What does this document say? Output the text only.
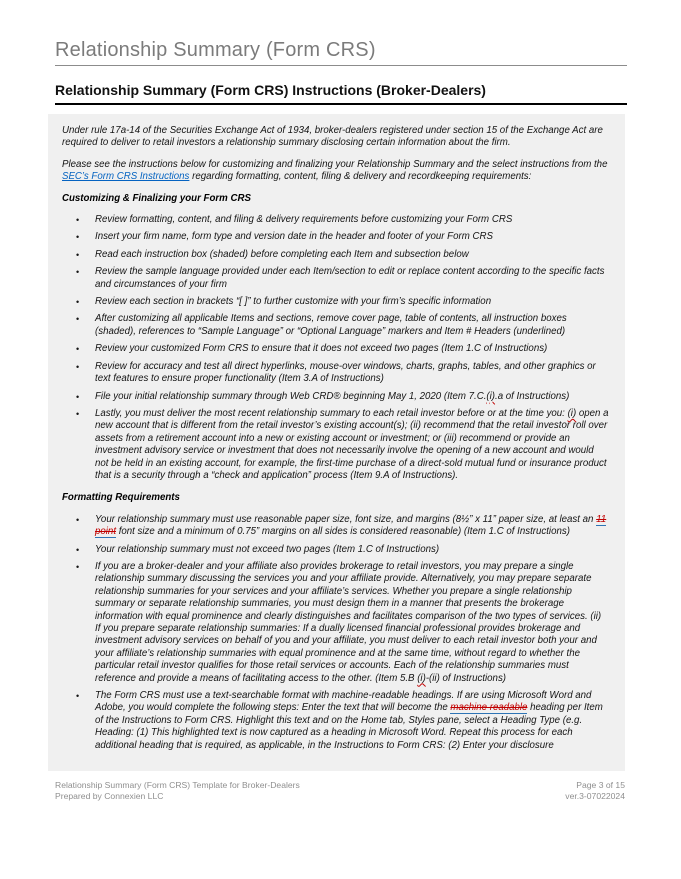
Relationship Summary (Form CRS)
Relationship Summary (Form CRS) Instructions (Broker-Dealers)

Under rule 17a-14 of the Securities Exchange Act of 1934, broker-dealers registered under section 15 of the Exchange Act are required to deliver to retail investors a relationship summary disclosing certain information about the firm.

Please see the instructions below for customizing and finalizing your Relationship Summary and the select instructions from the SEC’s Form CRS Instructions regarding formatting, content, filing & delivery and recordkeeping requirements:

Customizing & Finalizing your Form CRS
• Review formatting, content, and filing & delivery requirements before customizing your Form CRS
• Insert your firm name, form type and version date in the header and footer of your Form CRS
• Read each instruction box (shaded) before completing each Item and subsection below
• Review the sample language provided under each Item/section to edit or replace content according to the specific facts and circumstances of your firm
• Review each section in brackets “[ ]” to further customize with your firm’s specific information
• After customizing all applicable Items and sections, remove cover page, table of contents, all instruction boxes (shaded), references to “Sample Language” or “Optional Language” markers and Item # Headers (underlined)
• Review your customized Form CRS to ensure that it does not exceed two pages (Item 1.C of Instructions)
• Review for accuracy and test all direct hyperlinks, mouse-over windows, charts, graphs, tables, and other graphics or text features to ensure proper functionality (Item 3.A of Instructions)
• File your initial relationship summary through Web CRD® beginning May 1, 2020 (Item 7.C.(i).a of Instructions)
• Lastly, you must deliver the most recent relationship summary to each retail investor before or at the time you: (i) open a new account that is different from the retail investor’s existing account(s); (ii) recommend that the retail investor roll over assets from a retirement account into a new or existing account or investment; or (iii) recommend or provide an investment advisory service or investment that does not necessarily involve the opening of a new account and would not be held in an existing account, for example, the first-time purchase of a direct-sold mutual fund or insurance product that is a security through a “check and application” process (Item 9.A of Instructions).
Formatting Requirements
• Your relationship summary must use reasonable paper size, font size, and margins (8½” x 11” paper size, at least an 11 point font size and a minimum of 0.75” margins on all sides is considered reasonable) (Item 1.C of Instructions)
• Your relationship summary must not exceed two pages (Item 1.C of Instructions)
• If you are a broker-dealer and your affiliate also provides brokerage to retail investors, you may prepare a single relationship summary discussing the services you and your affiliate provide. Alternatively, you may prepare separate relationship summaries for your services and your affiliate’s services. Whether you prepare a single relationship summary or separate relationship summaries, you must design them in a manner that presents the brokerage information with equal prominence and clearly distinguishes and facilitates comparison of the two types of services. (ii) If you prepare separate relationship summaries: If a dually licensed financial professional provides brokerage and investment advisory services on behalf of you and your affiliate, you must deliver to each retail investor both your and your affiliate’s relationship summaries with equal prominence and at the same time, without regard to whether the particular retail investor qualifies for those retail services or accounts. Each of the relationship summaries must reference and provide a means of facilitating access to the other. (Item 5.B (i)-(ii) of Instructions)
• The Form CRS must use a text-searchable format with machine-readable headings. If are using Microsoft Word and Adobe, you would complete the following steps: Enter the text that will become the machine readable heading per Item of the Instructions to Form CRS. Highlight this text and on the Home tab, Styles pane, select a Heading Type (e.g. Heading: (1) This highlighted text is now captured as a heading in Microsoft Word. Repeat this process for each additional heading that is required, as applicable, in the Instructions to Form CRS: (2) Enter your disclosure
Relationship Summary (Form CRS) Template for Broker-Dealers
Prepared by Connexien LLC
Page 3 of 15
ver.3-07022024
